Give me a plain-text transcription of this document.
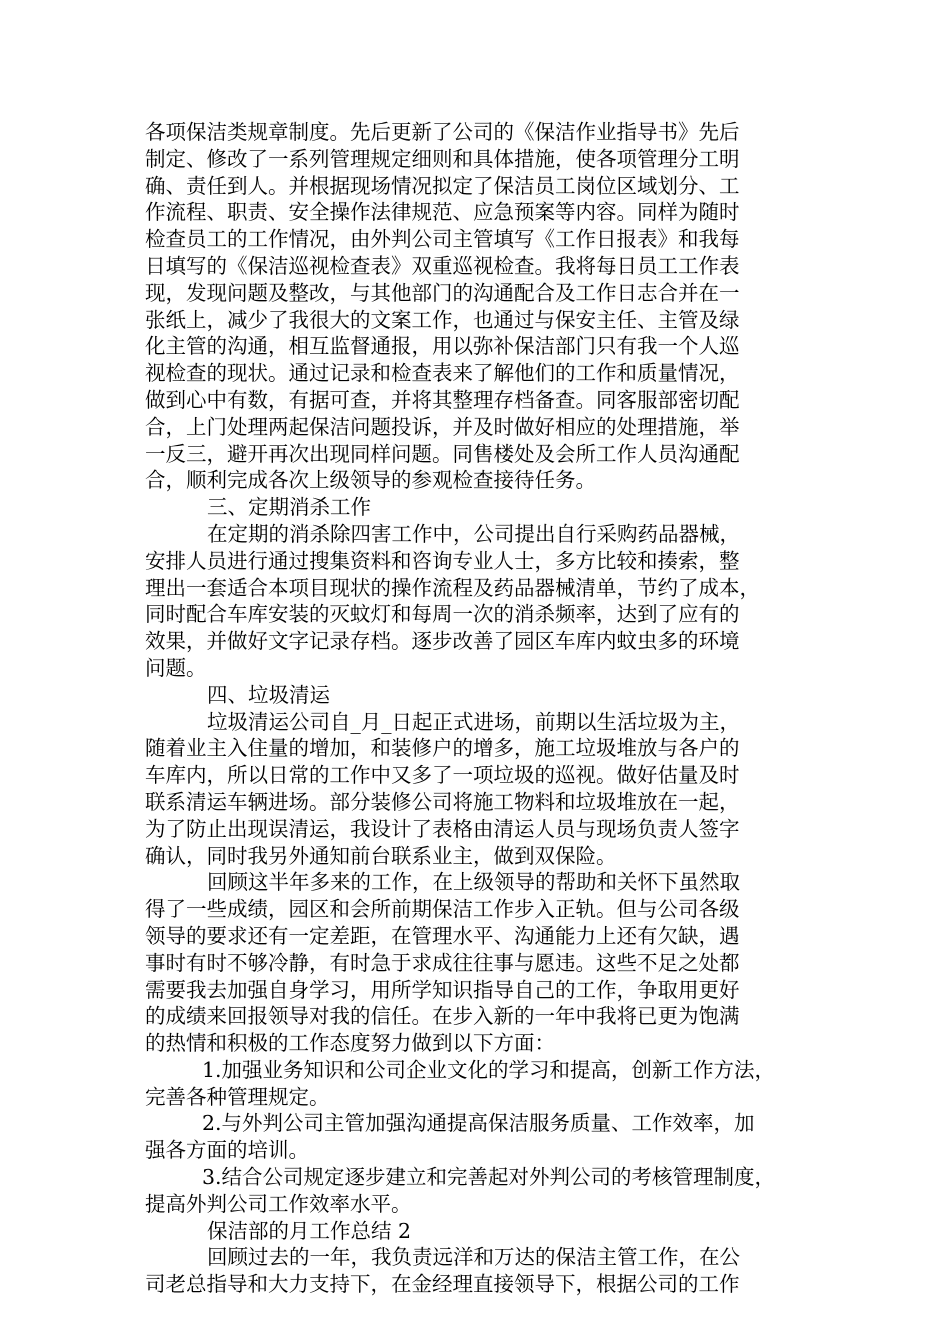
各项保洁类规章制度。先后更新了公司的《保洁作业指导书》先后
制定、修改了一系列管理规定细则和具体措施，使各项管理分工明
确、责任到人。并根据现场情况拟定了保洁员工岗位区域划分、工
作流程、职责、安全操作法律规范、应急预案等内容。同样为随时
检查员工的工作情况，由外判公司主管填写《工作日报表》和我每
日填写的《保洁巡视检查表》双重巡视检查。我将每日员工工作表
现，发现问题及整改，与其他部门的沟通配合及工作日志合并在一
张纸上，减少了我很大的文案工作，也通过与保安主任、主管及绿
化主管的沟通，相互监督通报，用以弥补保洁部门只有我一个人巡
视检查的现状。通过记录和检查表来了解他们的工作和质量情况，
做到心中有数，有据可查，并将其整理存档备查。同客服部密切配
合，上门处理两起保洁问题投诉，并及时做好相应的处理措施，举
一反三，避开再次出现同样问题。同售楼处及会所工作人员沟通配
合，顺利完成各次上级领导的参观检查接待任务。
三、定期消杀工作
在定期的消杀除四害工作中，公司提出自行采购药品器械，
安排人员进行通过搜集资料和咨询专业人士，多方比较和揍索，整
理出一套适合本项目现状的操作流程及药品器械清单，节约了成本，
同时配合车库安装的灭蚊灯和每周一次的消杀频率，达到了应有的
效果，并做好文字记录存档。逐步改善了园区车库内蚊虫多的环境
问题。
四、垃圾清运
垃圾清运公司自_月_日起正式进场，前期以生活垃圾为主，
随着业主入住量的增加，和装修户的增多，施工垃圾堆放与各户的
车库内，所以日常的工作中又多了一项垃圾的巡视。做好估量及时
联系清运车辆进场。部分装修公司将施工物料和垃圾堆放在一起，
为了防止出现误清运，我设计了表格由清运人员与现场负责人签字
确认，同时我另外通知前台联系业主，做到双保险。
回顾这半年多来的工作，在上级领导的帮助和关怀下虽然取
得了一些成绩，园区和会所前期保洁工作步入正轨。但与公司各级
领导的要求还有一定差距，在管理水平、沟通能力上还有欠缺，遇
事时有时不够冷静，有时急于求成往往事与愿违。这些不足之处都
需要我去加强自身学习，用所学知识指导自己的工作，争取用更好
的成绩来回报领导对我的信任。在步入新的一年中我将已更为饱满
的热情和积极的工作态度努力做到以下方面：
1.加强业务知识和公司企业文化的学习和提高，创新工作方法，
完善各种管理规定。
2.与外判公司主管加强沟通提高保洁服务质量、工作效率，加
强各方面的培训。
3.结合公司规定逐步建立和完善起对外判公司的考核管理制度，
提高外判公司工作效率水平。
保洁部的月工作总结 2
回顾过去的一年，我负责远洋和万达的保洁主管工作，在公
司老总指导和大力支持下，在金经理直接领导下，根据公司的工作
